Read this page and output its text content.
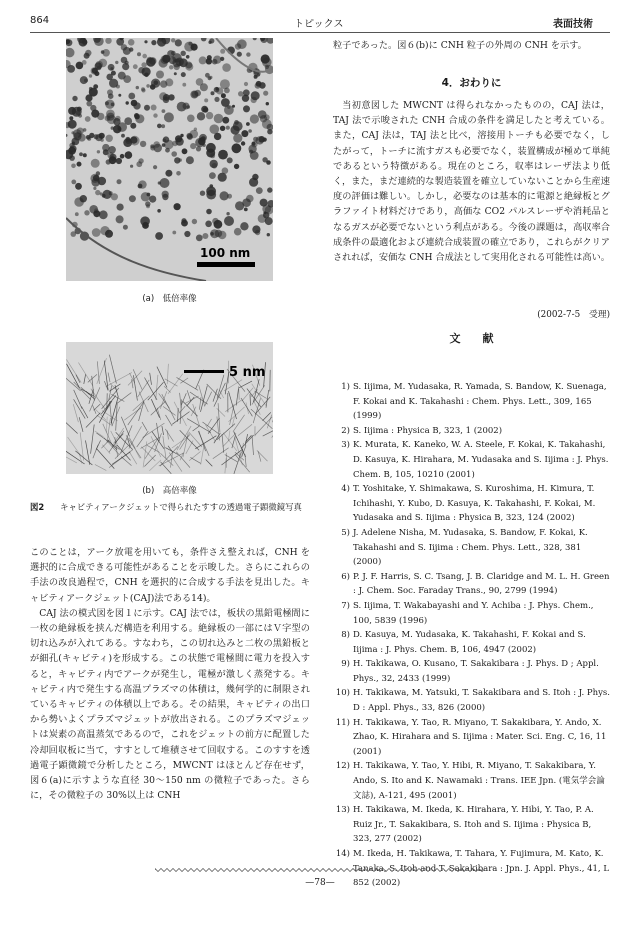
864	トピックス	表面技術
100 nm
(a)　低倍率像
5 nm
(b)　高倍率像
図2	キャビティアークジェットで得られたすすの透過電子顕微鏡写真

このことは，アーク放電を用いても，条件さえ整えれば，CNH を選択的に合成できる可能性があることを示唆した。さらにこれらの手法の改良過程で，CNH を選択的に合成する手法を見出した。キャビティアークジェット(CAJ)法である14)。

CAJ 法の模式図を図１に示す。CAJ 法では，板状の黒鉛電極間に一枚の絶縁板を挟んだ構造を利用する。絶縁板の一部にはＶ字型の切れ込みが入れてある。すなわち，この切れ込みと二枚の黒鉛板とが細孔(キャビティ)を形成する。この状態で電極間に電力を投入すると，キャビティ内でアークが発生し，電極が激しく蒸発する。キャビティ内で発生する高温プラズマの体積は，幾何学的に制限されているキャビティの体積以上である。その結果，キャビティの出口から勢いよくプラズマジェットが放出される。このプラズマジェットは炭素の高温蒸気であるので，これをジェットの前方に配置した冷却回収板に当て，すすとして堆積させて回収する。このすすを透過電子顕微鏡で分析したところ，MWCNT はほとんど存在せず，図６(a)に示すような直径 30〜150 nm の微粒子であった。さらに，その微粒子の 30%以上は CNH

粒子であった。図６(b)に CNH 粒子の外周の CNH を示す。

4．おわりに

当初意図した MWCNT は得られなかったものの，CAJ 法は，TAJ 法で示唆された CNH 合成の条件を満足したと考えている。また，CAJ 法は，TAJ 法と比べ，溶接用トーチも必要でなく，したがって，トーチに流すガスも必要でなく，装置構成が極めて単純であるという特徴がある。現在のところ，収率はレーザ法より低く，また，まだ連続的な製造装置を確立していないことから生産速度の評価は難しい。しかし，必要なのは基本的に電源と絶縁板とグラファイト材料だけであり，高価な CO2 パルスレーザや消耗品となるガスが必要でないという利点がある。今後の課題は，高収率合成条件の最適化および連続合成装置の確立であり，これらがクリアされれば，安価な CNH 合成法として実用化される可能性は高い。

(2002-7-5　受理)
文　　献
1) S. Iijima, M. Yudasaka, R. Yamada, S. Bandow, K. Suenaga, F. Kokai and K. Takahashi : Chem. Phys. Lett., 309, 165 (1999)
2) S. Iijima : Physica B, 323, 1 (2002)
3) K. Murata, K. Kaneko, W. A. Steele, F. Kokai, K. Takahashi, D. Kasuya, K. Hirahara, M. Yudasaka and S. Iijima : J. Phys. Chem. B, 105, 10210 (2001)
4) T. Yoshitake, Y. Shimakawa, S. Kuroshima, H. Kimura, T. Ichihashi, Y. Kubo, D. Kasuya, K. Takahashi, F. Kokai, M. Yudasaka and S. Iijima : Physica B, 323, 124 (2002)
5) J. Adelene Nisha, M. Yudasaka, S. Bandow, F. Kokai, K. Takahashi and S. Iijima : Chem. Phys. Lett., 328, 381 (2000)
6) P. J. F. Harris, S. C. Tsang, J. B. Claridge and M. L. H. Green : J. Chem. Soc. Faraday Trans., 90, 2799 (1994)
7) S. Iijima, T. Wakabayashi and Y. Achiba : J. Phys. Chem., 100, 5839 (1996)
8) D. Kasuya, M. Yudasaka, K. Takahashi, F. Kokai and S. Iijima : J. Phys. Chem. B, 106, 4947 (2002)
9) H. Takikawa, O. Kusano, T. Sakakibara : J. Phys. D ; Appl. Phys., 32, 2433 (1999)
10) H. Takikawa, M. Yatsuki, T. Sakakibara and S. Itoh : J. Phys. D : Appl. Phys., 33, 826 (2000)
11) H. Takikawa, Y. Tao, R. Miyano, T. Sakakibara, Y. Ando, X. Zhao, K. Hirahara and S. Iijima : Mater. Sci. Eng. C, 16, 11 (2001)
12) H. Takikawa, Y. Tao, Y. Hibi, R. Miyano, T. Sakakibara, Y. Ando, S. Ito and K. Nawamaki : Trans. IEE Jpn. (電気学会論文誌), A-121, 495 (2001)
13) H. Takikawa, M. Ikeda, K. Hirahara, Y. Hibi, Y. Tao, P. A. Ruiz Jr., T. Sakakibara, S. Itoh and S. Iijima : Physica B, 323, 277 (2002)
14) M. Ikeda, H. Takikawa, T. Tahara, Y. Fujimura, M. Kato, K. Tanaka, S. Itoh and T. Sakakibara : Jpn. J. Appl. Phys., 41, L 852 (2002)
—78—
